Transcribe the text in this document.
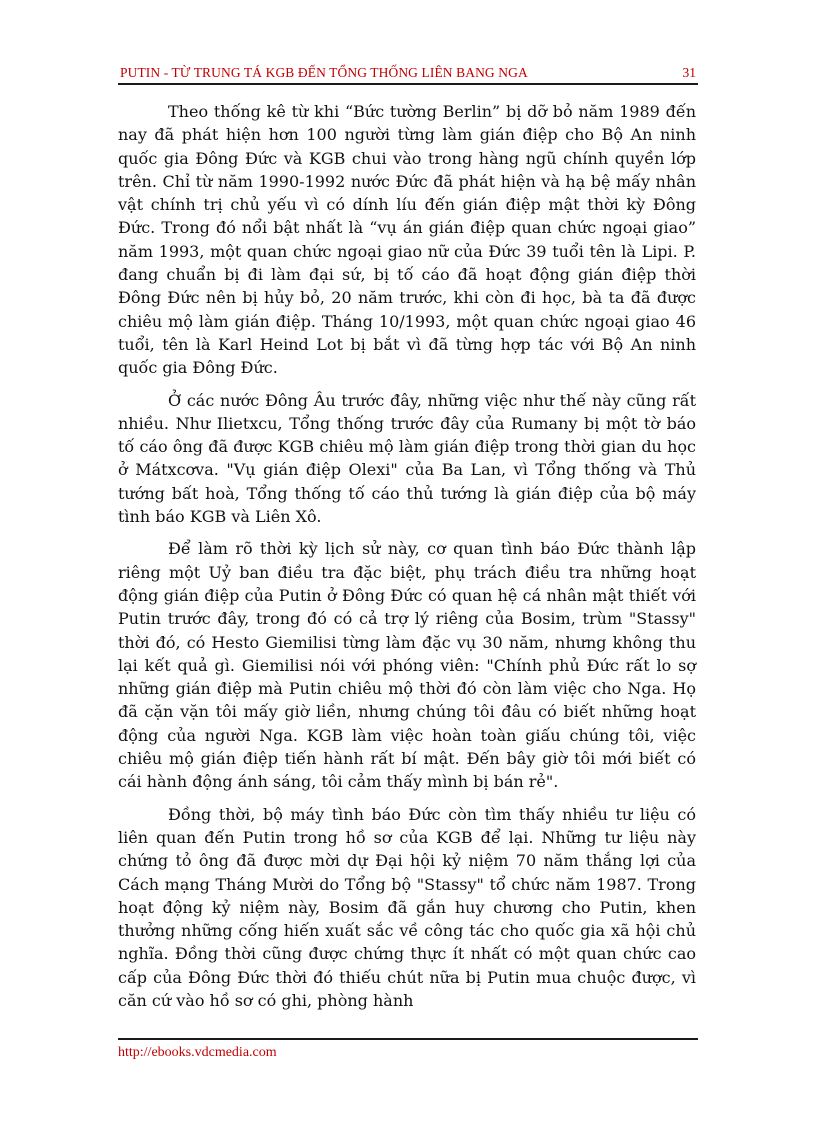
PUTIN - TỪ TRUNG TÁ KGB ĐẾN TỔNG THỐNG LIÊN BANG NGA	31

Theo thống kê từ khi “Bức tường Berlin” bị dỡ bỏ năm 1989 đến nay đã phát hiện hơn 100 người từng làm gián điệp cho Bộ An ninh quốc gia Đông Đức và KGB chui vào trong hàng ngũ chính quyền lớp trên. Chỉ từ năm 1990-1992 nước Đức đã phát hiện và hạ bệ mấy nhân vật chính trị chủ yếu vì có dính líu đến gián điệp mật thời kỳ Đông Đức. Trong đó nổi bật nhất là “vụ án gián điệp quan chức ngoại giao” năm 1993, một quan chức ngoại giao nữ của Đức 39 tuổi tên là Lipi. P. đang chuẩn bị đi làm đại sứ, bị tố cáo đã hoạt động gián điệp thời Đông Đức nên bị hủy bỏ, 20 năm trước, khi còn đi học, bà ta đã được chiêu mộ làm gián điệp. Tháng 10/1993, một quan chức ngoại giao 46 tuổi, tên là Karl Heind Lot bị bắt vì đã từng hợp tác với Bộ An ninh quốc gia Đông Đức.

Ở các nước Đông Âu trước đây, những việc như thế này cũng rất nhiều. Như Ilietxcu, Tổng thống trước đây của Rumany bị một tờ báo tố cáo ông đã được KGB chiêu mộ làm gián điệp trong thời gian du học ở Mátxcơva. "Vụ gián điệp Olexi" của Ba Lan, vì Tổng thống và Thủ tướng bất hoà, Tổng thống tố cáo thủ tướng là gián điệp của bộ máy tình báo KGB và Liên Xô.

Để làm rõ thời kỳ lịch sử này, cơ quan tình báo Đức thành lập riêng một Uỷ ban điều tra đặc biệt, phụ trách điều tra những hoạt động gián điệp của Putin ở Đông Đức có quan hệ cá nhân mật thiết với Putin trước đây, trong đó có cả trợ lý riêng của Bosim, trùm "Stassy" thời đó, có Hesto Giemilisi từng làm đặc vụ 30 năm, nhưng không thu lại kết quả gì. Giemilisi nói với phóng viên: "Chính phủ Đức rất lo sợ những gián điệp mà Putin chiêu mộ thời đó còn làm việc cho Nga. Họ đã cặn vặn tôi mấy giờ liền, nhưng chúng tôi đâu có biết những hoạt động của người Nga. KGB làm việc hoàn toàn giấu chúng tôi, việc chiêu mộ gián điệp tiến hành rất bí mật. Đến bây giờ tôi mới biết có cái hành động ánh sáng, tôi cảm thấy mình bị bán rẻ".

Đồng thời, bộ máy tình báo Đức còn tìm thấy nhiều tư liệu có liên quan đến Putin trong hồ sơ của KGB để lại. Những tư liệu này chứng tỏ ông đã được mời dự Đại hội kỷ niệm 70 năm thắng lợi của Cách mạng Tháng Mười do Tổng bộ "Stassy" tổ chức năm 1987. Trong hoạt động kỷ niệm này, Bosim đã gắn huy chương cho Putin, khen thưởng những cống hiến xuất sắc về công tác cho quốc gia xã hội chủ nghĩa. Đồng thời cũng được chứng thực ít nhất có một quan chức cao cấp của Đông Đức thời đó thiếu chút nữa bị Putin mua chuộc được, vì căn cứ vào hồ sơ có ghi, phòng hành

http://ebooks.vdcmedia.com
